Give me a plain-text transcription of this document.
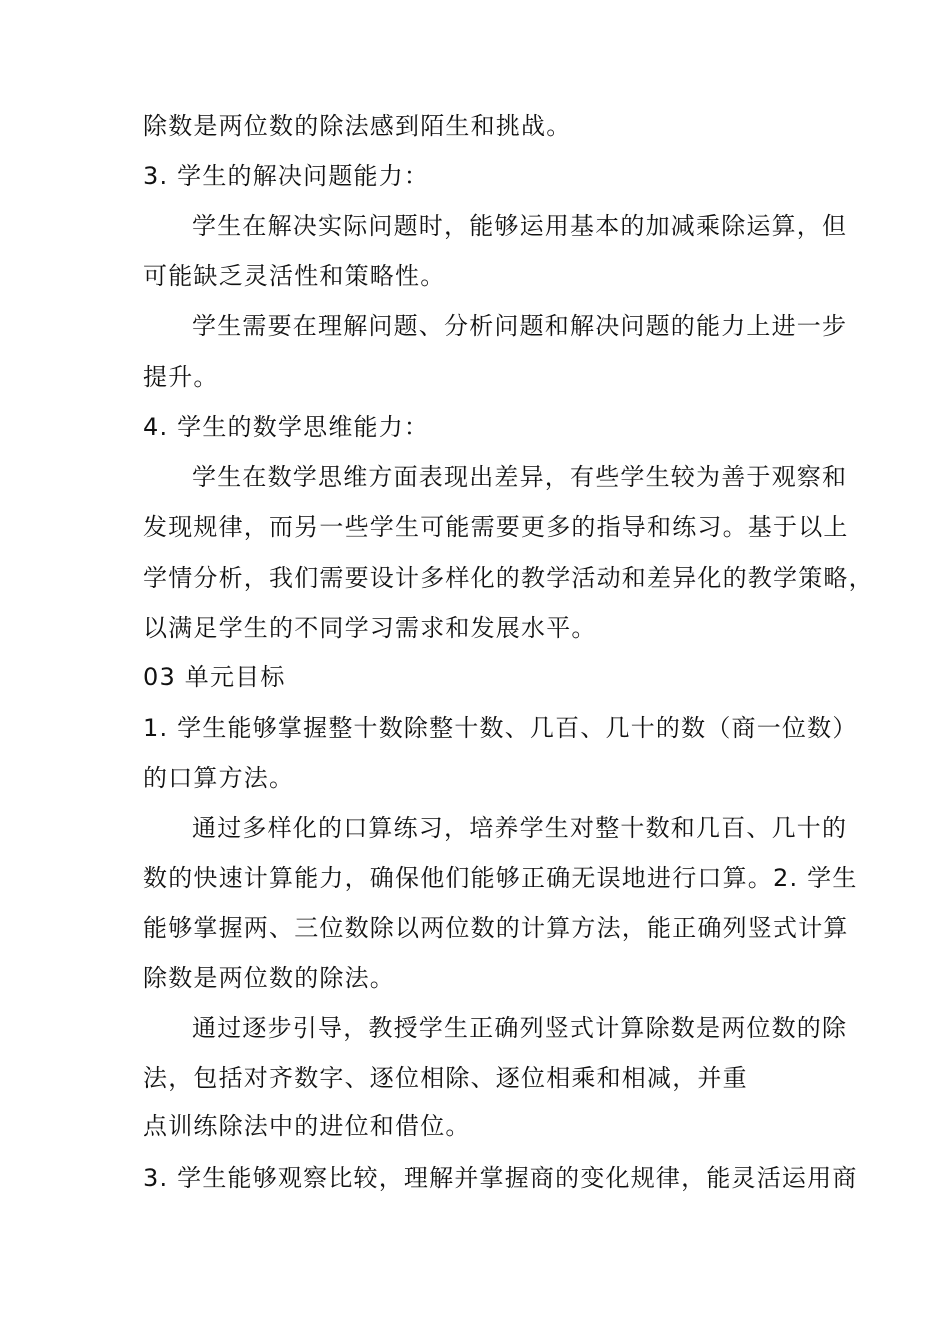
除数是两位数的除法感到陌生和挑战。
3. 学生的解决问题能力：
学生在解决实际问题时，能够运用基本的加减乘除运算，但
可能缺乏灵活性和策略性。
学生需要在理解问题、分析问题和解决问题的能力上进一步
提升。
4. 学生的数学思维能力：
学生在数学思维方面表现出差异，有些学生较为善于观察和
发现规律，而另一些学生可能需要更多的指导和练习。基于以上
学情分析，我们需要设计多样化的教学活动和差异化的教学策略，
以满足学生的不同学习需求和发展水平。
03 单元目标
1. 学生能够掌握整十数除整十数、几百、几十的数（商一位数）
的口算方法。
通过多样化的口算练习，培养学生对整十数和几百、几十的
数的快速计算能力，确保他们能够正确无误地进行口算。2. 学生
能够掌握两、三位数除以两位数的计算方法，能正确列竖式计算
除数是两位数的除法。
通过逐步引导，教授学生正确列竖式计算除数是两位数的除
法，包括对齐数字、逐位相除、逐位相乘和相减，并重
点训练除法中的进位和借位。
3. 学生能够观察比较，理解并掌握商的变化规律，能灵活运用商
